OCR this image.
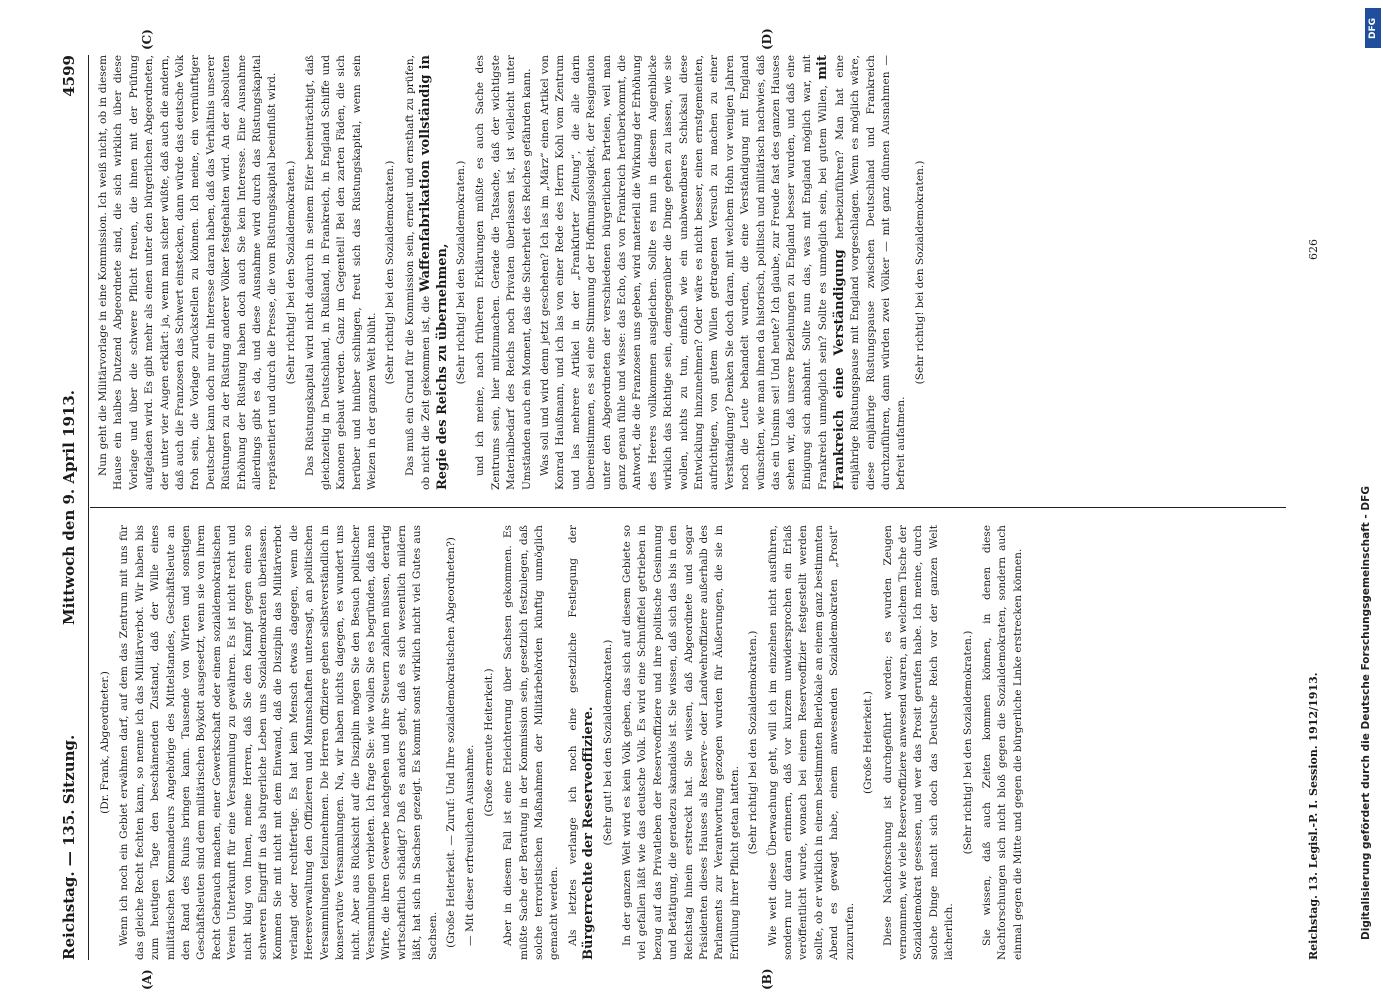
DFG
Reichstag. — 135. Sitzung.
Mittwoch den 9. April 1913.
4599
(A)	(B)
(C)	(D)

(Dr. Frank, Abgeordneter.) Wenn ich noch ein Gebiet erwähnen darf, auf dem das Zentrum mit uns für das gleiche Recht fechten kann, so nenne ich das Militärverbot. Wir haben bis zum heutigen Tage den beschämenden Zustand, daß der Wille eines militärischen Kommandeurs Angehörige des Mittelstandes, Geschäftsleute an den Rand des Ruins bringen kann. Tausende von Wirten und sonstigen Geschäftsleuten sind dem militärischen Boykott ausgesetzt, wenn sie von ihrem Recht Gebrauch machen, einer Gewerkschaft oder einem sozialdemokratischen Verein Unterkunft für eine Versammlung zu gewähren. Es ist nicht recht und nicht klug von Ihnen, meine Herren, daß Sie den Kampf gegen einen so schweren Eingriff in das bürgerliche Leben uns Sozialdemokraten überlassen. Kommen Sie mit nicht mit dem Einwand, daß die Disziplin das Militärverbot verlangt oder rechtfertige. Es hat kein Mensch etwas dagegen, wenn die Heeresverwaltung den Offizieren und Mannschaften untersagt, an politischen Versammlungen teilzunehmen. Die Herren Offiziere gehen selbstverständlich in konservative Versammlungen. Na, wir haben nichts dagegen, es wundert uns nicht. Aber aus Rücksicht auf die Disziplin mögen Sie den Besuch politischer Versammlungen verbieten. Ich frage Sie: wie wollen Sie es begründen, daß man Wirte, die ihren Gewerbe nachgehen und ihre Steuern zahlen müssen, derartig wirtschaftlich schädigt? Daß es anders geht, daß es sich wesentlich mildern läßt, hat sich in Sachsen gezeigt. Es kommt sonst wirklich nicht viel Gutes aus Sachsen. (Große Heiterkeit. — Zuruf: Und Ihre sozialdemokratischen Abgeordneten?) — Mit dieser erfreulichen Ausnahme.

(Große erneute Heiterkeit.) Aber in diesem Fall ist eine Erleichterung über Sachsen gekommen. Es müßte Sache der Beratung in der Kommission sein, gesetzlich festzulegen, daß solche terroristischen Maßnahmen der Militärbehörden künftig unmöglich gemacht werden. Als letztes verlange ich noch eine gesetzliche Festlegung der Bürgerrechte der Reserveoffiziere. (Sehr gut! bei den Sozialdemokraten.) In der ganzen Welt wird es kein Volk geben, das sich auf diesem Gebiete so viel gefallen läßt wie das deutsche Volk. Es wird eine Schnüffelei getrieben in bezug auf das Privatleben der Reserveoffiziere und ihre politische Gesinnung und Betätigung, die geradezu skandalös ist. Sie wissen, daß sich das bis in den Reichstag hinein erstreckt hat. Sie wissen, daß Abgeordnete und sogar Präsidenten dieses Hauses als Reserve- oder Landwehroffiziere außerhalb des Parlaments zur Verantwortung gezogen wurden für Äußerungen, die sie in Erfüllung ihrer Pflicht getan hatten.

(Sehr richtig! bei den Sozialdemokraten.) Wie weit diese Überwachung geht, will ich im einzelnen nicht ausführen, sondern nur daran erinnern, daß vor kurzem unwidersprochen ein Erlaß veröffentlicht wurde, wonach bei einem Reserveoffizier festgestellt werden sollte, ob er wirklich in einem bestimmten Bierlokale an einem ganz bestimmten Abend es gewagt habe, einem anwesenden Sozialdemokraten „Prosit“ zuzurufen.

(Große Heiterkeit.) Diese Nachforschung ist durchgeführt worden; es wurden Zeugen vernommen, wie viele Reserveoffiziere anwesend waren, an welchem Tische der Sozialdemokrat gesessen, und wer das Prosit gerufen habe. Ich meine, durch solche Dinge macht sich doch das Deutsche Reich vor der ganzen Welt lächerlich.

(Sehr richtig! bei den Sozialdemokraten.) Sie wissen, daß auch Zeiten kommen können, in denen diese Nachforschungen sich nicht bloß gegen die Sozialdemokraten, sondern auch einmal gegen die Mitte und gegen die bürgerliche Linke erstrecken können.

Nun geht die Militärvorlage in eine Kommission. Ich weiß nicht, ob in diesem Hause ein halbes Dutzend Abgeordnete sind, die sich wirklich über diese Vorlage und über die schwere Pflicht freuen, die ihnen mit der Prüfung aufgeladen wird. Es gibt mehr als einen unter den bürgerlichen Abgeordneten, der unter vier Augen erklärt: ja, wenn man sicher wüßte, daß auch die andern, daß auch die Franzosen das Schwert einstecken, dann würde das deutsche Volk froh sein, die Vorlage zurückstellen zu können. Ich meine, ein vernünftiger Deutscher kann doch nur ein Interesse daran haben, daß das Verhältnis unserer Rüstungen zu der Rüstung anderer Völker festgehalten wird. An der absoluten Erhöhung der Rüstung haben doch auch Sie kein Interesse. Eine Ausnahme allerdings gibt es da, und diese Ausnahme wird durch das Rüstungskapital repräsentiert und durch die Presse, die vom Rüstungskapital beeinflußt wird. (Sehr richtig! bei den Sozialdemokraten.) Das Rüstungskapital wird nicht dadurch in seinem Eifer beeinträchtigt, daß gleichzeitig in Deutschland, in Rußland, in Frankreich, in England Schiffe und Kanonen gebaut werden. Ganz im Gegenteil! Bei den zarten Fäden, die sich herüber und hinüber schlingen, freut sich das Rüstungskapital, wenn sein Weizen in der ganzen Welt blüht.

(Sehr richtig! bei den Sozialdemokraten.) Das muß ein Grund für die Kommission sein, erneut und ernsthaft zu prüfen, ob nicht die Zeit gekommen ist, die Waffenfabrikation vollständig in Regie des Reichs zu übernehmen, (Sehr richtig! bei den Sozialdemokraten.) und ich meine, nach früheren Erklärungen müßte es auch Sache des Zentrums sein, hier mitzumachen. Gerade die Tatsache, daß der wichtigste Materialbedarf des Reichs noch Privaten überlassen ist, ist vielleicht unter Umständen auch ein Moment, das die Sicherheit des Reiches gefährden kann. Was soll und wird denn jetzt geschehen? Ich las im „März“ einen Artikel von Konrad Haußmann, und ich las von einer Rede des Herrn Kohl vom Zentrum und las mehrere Artikel in der „Frankfurter Zeitung“, die alle darin übereinstimmen, es sei eine Stimmung der Hoffnungslosigkeit, der Resignation unter den Abgeordneten der verschiedenen bürgerlichen Parteien, weil man ganz genau fühle und wisse: das Echo, das von Frankreich herüberkommt, die Antwort, die die Franzosen uns geben, wird materiell die Wirkung der Erhöhung des Heeres vollkommen ausgleichen. Sollte es nun in diesem Augenblicke wirklich das Richtige sein, demgegenüber die Dinge gehen zu lassen, wie sie wollen, nichts zu tun, einfach wie ein unabwendbares Schicksal diese Entwicklung hinzunehmen? Oder wäre es nicht besser, einen ernstgemeinten, aufrichtigen, von gutem Willen getragenen Versuch zu machen zu einer Verständigung? Denken Sie doch daran, mit welchem Hohn vor wenigen Jahren noch die Leute behandelt wurden, die eine Verständigung mit England wünschten, wie man ihnen da historisch, politisch und militärisch nachwies, daß das ein Unsinn sei! Und heute? Ich glaube, zur Freude fast des ganzen Hauses sehen wir, daß unsere Beziehungen zu England besser wurden, und daß eine Einigung sich anbahnt. Sollte nun das, was mit England möglich war, mit Frankreich unmöglich sein? Sollte es unmöglich sein, bei gutem Willen, mit Frankreich eine Verständigung herbeizuführen? Man hat eine einjährige Rüstungspause mit England vorgeschlagen. Wenn es möglich wäre, diese einjährige Rüstungspause zwischen Deutschland und Frankreich durchzuführen, dann würden zwei Völker — mit ganz dünnen Ausnahmen — befreit aufatmen.

(Sehr richtig! bei den Sozialdemokraten.)

Reichstag. 13. Legisl.-P. I. Session. 1912/1913.
626
Digitalisierung gefördert durch die Deutsche Forschungsgemeinschaft - DFG
